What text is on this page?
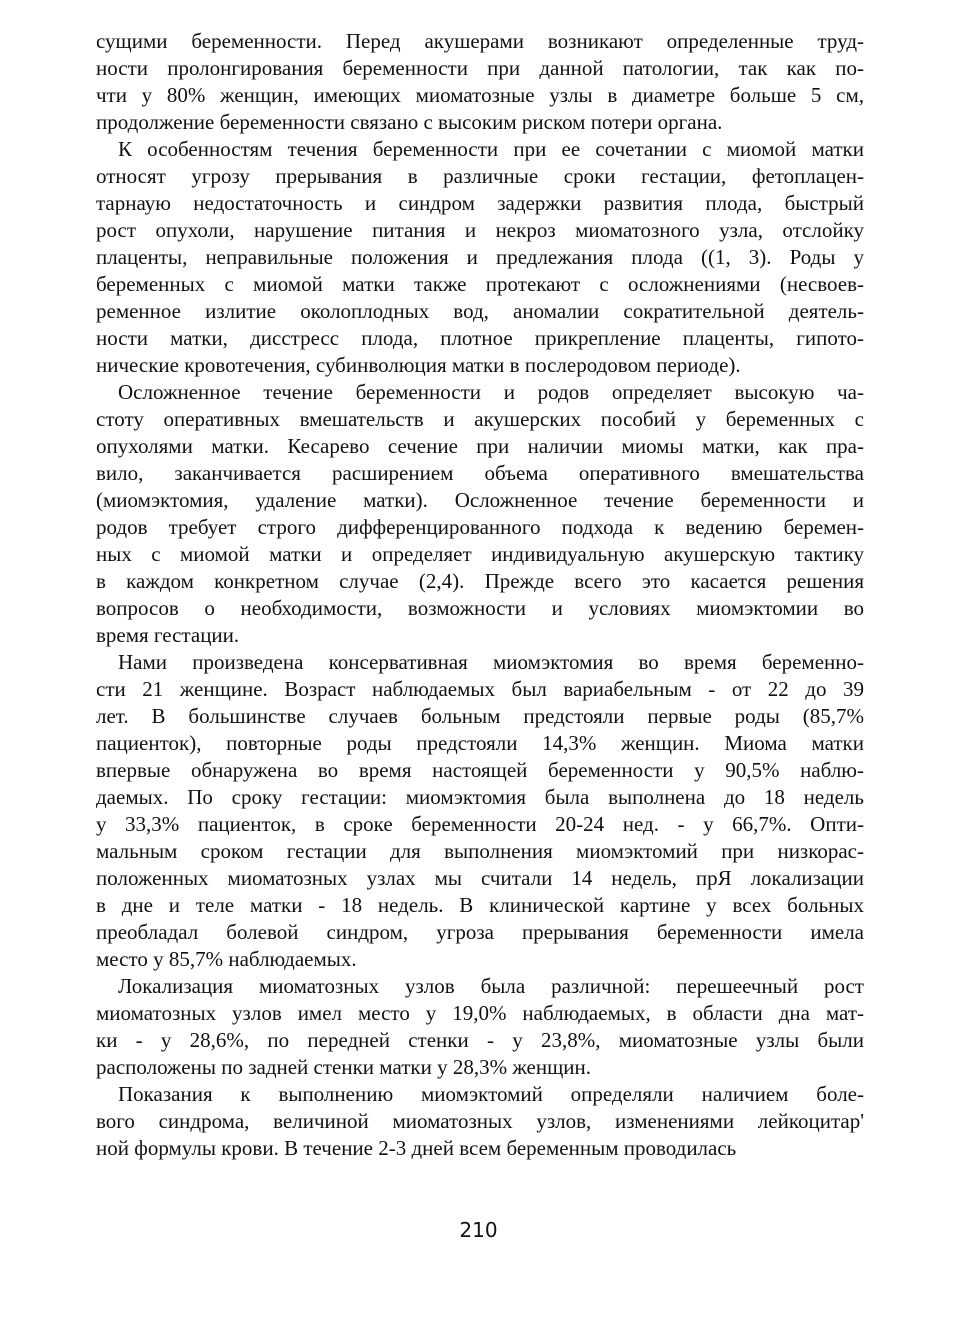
сущими беременности. Перед акушерами возникают определенные труд-
ности пролонгирования беременности при данной патологии, так как по-
чти у 80% женщин, имеющих миоматозные узлы в диаметре больше 5 см,
продолжение беременности связано с высоким риском потери органа.

К особенностям течения беременности при ее сочетании с миомой матки
относят угрозу прерывания в различные сроки гестации, фетоплацен-
тарнаую недостаточность и синдром задержки развития плода, быстрый
рост опухоли, нарушение питания и некроз миоматозного узла, отслойку
плаценты, неправильные положения и предлежания плода ((1, 3). Роды у
беременных с миомой матки также протекают с осложнениями (несвоев-
ременное излитие околоплодных вод, аномалии сократительной деятель-
ности матки, дисстресс плода, плотное прикрепление плаценты, гипото-
нические кровотечения, субинволюция матки в послеродовом периоде).

Осложненное течение беременности и родов определяет высокую ча-
стоту оперативных вмешательств и акушерских пособий у беременных с
опухолями матки. Кесарево сечение при наличии миомы матки, как пра-
вило, заканчивается расширением объема оперативного вмешательства
(миомэктомия, удаление матки). Осложненное течение беременности и
родов требует строго дифференцированного подхода к ведению беремен-
ных с миомой матки и определяет индивидуальную акушерскую тактику
в каждом конкретном случае (2,4). Прежде всего это касается решения
вопросов о необходимости, возможности и условиях миомэктомии во
время гестации.

Нами произведена консервативная миомэктомия во время беременно-
сти 21 женщине. Возраст наблюдаемых был вариабельным - от 22 до 39
лет. В большинстве случаев больным предстояли первые роды (85,7%
пациенток), повторные роды предстояли 14,3% женщин. Миома матки
впервые обнаружена во время настоящей беременности у 90,5% наблю-
даемых. По сроку гестации: миомэктомия была выполнена до 18 недель
у 33,3% пациенток, в сроке беременности 20-24 нед. - у 66,7%. Опти-
мальным сроком гестации для выполнения миомэктомий при низкорас-
положенных миоматозных узлах мы считали 14 недель, прЯ локализации
в дне и теле матки - 18 недель. В клинической картине у всех больных
преобладал болевой синдром, угроза прерывания беременности имела
место у 85,7% наблюдаемых.

Локализация миоматозных узлов была различной: перешеечный рост
миоматозных узлов имел место у 19,0% наблюдаемых, в области дна мат-
ки - у 28,6%, по передней стенки - у 23,8%, миоматозные узлы были
расположены по задней стенки матки у 28,3% женщин.

Показания к выполнению миомэктомий определяли наличием боле-
вого синдрома, величиной миоматозных узлов, изменениями лейкоцитар'
ной формулы крови. В течение 2-3 дней всем беременным проводилась

210
